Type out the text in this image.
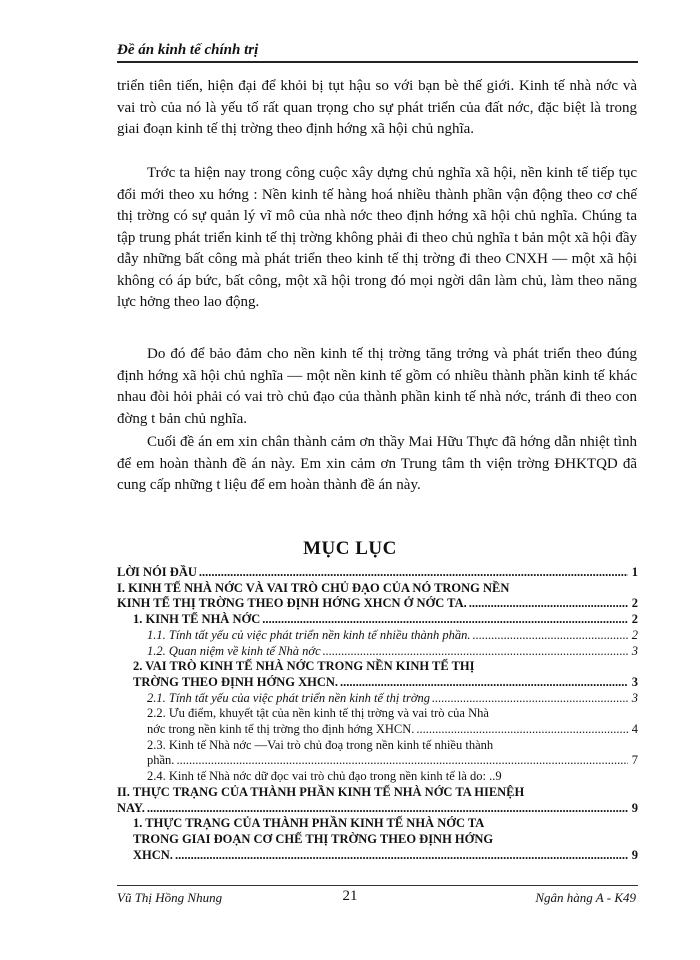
Đề án kinh tế chính trị

triển tiên tiến, hiện đại để khỏi bị tụt hậu so với bạn bè thế giới. Kinh tế nhà nớc và vai trò của nó là yếu tố rất quan trọng cho sự phát triển của đất nớc, đặc biệt là trong giai đoạn kinh tế thị trờng theo định hớng xã hội chủ nghĩa.

Trớc ta hiện nay trong công cuộc xây dựng chủ nghĩa xã hội, nền kinh tế tiếp tục đổi mới theo xu hớng : Nền kinh tế hàng hoá nhiều thành phần vận động theo cơ chế thị trờng có sự quản lý vĩ mô của nhà nớc theo định hớng xã hội chủ nghĩa. Chúng ta tập trung phát triển kinh tế thị trờng không phải đi theo chủ nghĩa t bản một xã hội đầy dẫy những bất công mà phát triển theo kinh tế thị trờng đi theo CNXH — một xã hội không có áp bức, bất công, một xã hội trong đó mọi ngời dân làm chủ, làm theo năng lực hởng theo lao động.

Do đó để bảo đảm cho nền kinh tế thị trờng tăng trởng và phát triển theo đúng định hớng xã hội chủ nghĩa — một nền kinh tế gồm có nhiều thành phần kinh tế khác nhau đòi hỏi phải có vai trò chủ đạo của thành phần kinh tế nhà nớc, tránh đi theo con đờng t bản chủ nghĩa.

Cuối đề án em xin chân thành cảm ơn thầy Mai Hữu Thực đã hớng dẫn nhiệt tình để em hoàn thành đề án này. Em xin cảm ơn Trung tâm th viện trờng ĐHKTQD đã cung cấp những t liệu để em hoàn thành đề án này.

MỤC LỤC
LỜI NÓI ĐẦU .....	1
I. KINH TẾ NHÀ NỚC VÀ VAI TRÒ CHỦ ĐẠO CỦA NÓ TRONG NỀN
KINH TẾ THỊ TRỜNG THEO ĐỊNH HỚNG XHCN Ở NỚC TA. .....	2
1. KINH TẾ NHÀ NỚC .....	2
1.1. Tính tất yếu củ việc phát triển nền kinh tế nhiều thành phần. .....	2
1.2. Quan niệm về kinh tế Nhà nớc .....	3
2. VAI TRÒ KINH TẾ NHÀ NỚC TRONG NỀN KINH TẾ THỊ
TRỜNG THEO ĐỊNH HỚNG XHCN. .....	3
2.1. Tính tất yếu của việc phát triển nền kinh tế thị trờng .....	3
2.2. Ưu điểm, khuyết tật của nền kinh tế thị trờng và vai trò của Nhà
nớc trong nền kinh tế thị trờng tho định hớng XHCN. .....	4
2.3. Kinh tế Nhà nớc —Vai trò chủ đoạ trong nền kinh tế nhiều thành
phần. .....	7
2.4. Kinh tế Nhà nớc dữ đọc vai trò chủ đạo trong nền kinh tế là do: ..9
II. THỰC TRẠNG CỦA THÀNH PHẦN KINH TẾ NHÀ NỚC TA HIENỆH
NAY. .....	9
1. THỰC TRẠNG CỦA THÀNH PHẦN KINH TẾ NHÀ NỚC TA
TRONG GIAI ĐOẠN CƠ CHẾ THỊ TRỜNG THEO ĐỊNH HỚNG
XHCN. .....	9
Vũ Thị Hồng Nhung	21	Ngân hàng A - K49
